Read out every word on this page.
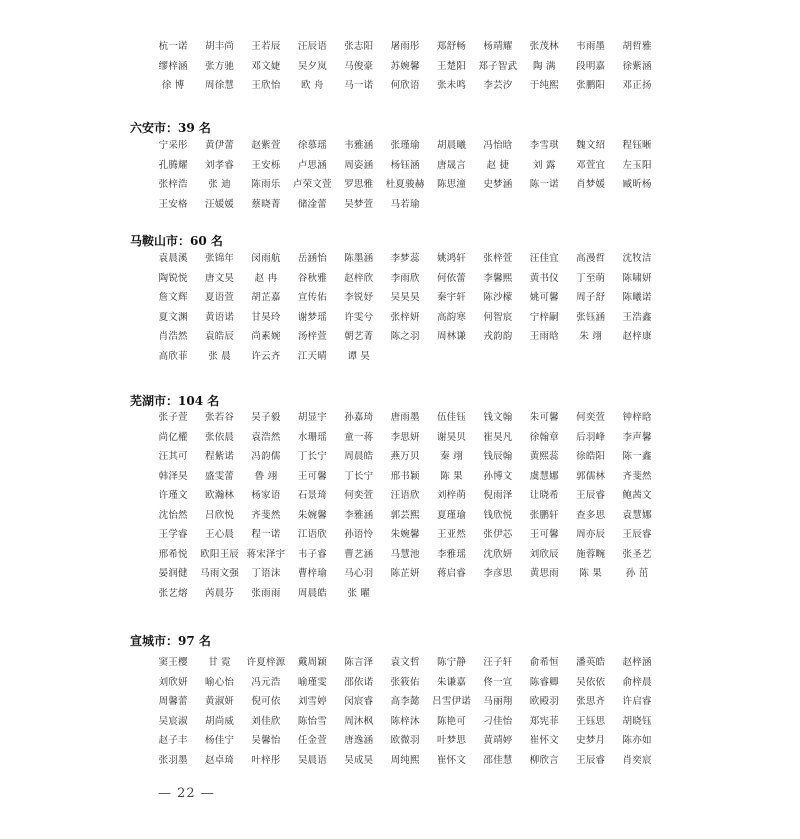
杭一诺	胡丰尚	王若辰	汪辰语	张志阳	屠雨彤	郑舒畅	杨靖耀	张茂林	韦雨墨	胡哲雅
缪梓涵	张方驰	邓文婕	吴夕岚	马俊豪	苏婉馨	王楚阳	郑子智武	陶 满	段明嘉	徐紫涵
徐 博	周徐慧	王欣怡	欧 舟	马一诺	何欣语	张未鸣	李芸汐	于纯熙	张鹏阳	邓正扬
六安市：39 名
宁采彤	黄伊蕾	赵紫萱	徐慕瑶	韦雅涵	张瑾瑜	胡晨曦	冯怡晗	李雪琪	魏文绍	程钰晰
孔腾耀	刘孝睿	王安栎	卢思涵	周姿涵	杨钰涵	唐晟言	赵 捷	刘 露	邓萱宜	左玉阳
张梓浩	张 迪	陈雨乐	卢荣文萱	罗思雅	杜夏骏赫	陈思潼	史梦涵	陈一诺	肖梦媛	臧昕杨
王安格	汪媛媛	蔡晓菁	储淦蕾	吴梦萱	马若瑜
马鞍山市：60 名
袁晨溪	张锦年	闵雨航	岳涵怡	陈墨涵	李梦蕊	姚鸿轩	张梓萱	汪佳宜	高漫哲	沈牧洁
陶锐悦	唐文昊	赵 冉	谷秋雅	赵梓欣	李雨欣	何依蕾	李馨熙	黄书仪	丁至萌	陈啸妍
詹文辉	夏语萱	胡芷嘉	宣传佑	李锐妤	吴昊昊	秦宇轩	陈沙檬	姚可馨	周子舒	陈曦诺
夏文渊	黄语诺	甘昊玲	谢梦瑶	许雯兮	张梓妍	高韵寒	何智宸	宁梓嗣	张钰涵	王浩鑫
肖浩然	袁皓辰	尚素婉	汤梓萱	朝艺菁	陈之羽	周林谦	戎韵韵	王雨晗	朱 翊	赵梓康
高欣菲	张 晨	许云齐	江天晴	谭 昊
芜湖市：104 名
张子萱	张若谷	吴子毅	胡显宇	孙嘉琦	唐雨墨	伍佳钰	钱文翰	朱可馨	何奕萱	钟梓晗
尚亿權	张依晨	袁浩然	水珊瑶	童一蒋	李思妍	谢昊贝	崔昊凡	徐翰章	后羽峰	李声馨
汪其可	程紫诺	冯韵儒	丁长宁	周晨皓	燕万贝	秦 翊	钱辰翰	黄熙蕊	徐皓阳	陈一鑫
韩泽昊	盛雯蕾	鲁 翊	王可馨	丁长宁	邢书颖	陈 果	孙博文	虞慧娜	郭儒林	齐斐然
许瑾文	欧瀚林	杨家语	石景琦	何奕萱	汪语欣	刘梓萌	倪雨泽	让晓希	王辰睿	鲍茜文
沈怡然	吕欣悦	齐斐然	朱婉馨	李雅涵	郭芸熙	夏瑾瑜	钱欣悦	张鹏轩	查多思	袁慧娜
王学睿	王心晨	程一诺	江语欣	孙语怜	朱婉馨	王亚然	张伊芯	王可馨	周亦辰	王辰睿
邢希悦	欧阳王辰 蒋宋泽宇	韦子睿	曹艺涵	马慧池	李雅瑶	沈欣妍	刘欣辰	施蓉畹	张圣艺
晏润健	马雨文强	丁语沫	曹梓瑜	马心羽	陈芷妍	蒋启睿	李彦思	黄思雨	陈 果	孙 茁
张艺熔	芮晨芬	张雨雨	周晨皓	张 曜
宣城市：97 名
窦王樱	甘 霓	许夏梓源	戴周颖	陈言泽	袁文哲	陈宁静	汪子轩	俞希恒	潘英皓	赵梓涵
刘欣妍	喻心怡	冯元浩	喻瑾雯	邵依诺	张筱佑	朱谦嘉	佟一宣	陈睿卿	吴依依	俞梓晨
周馨蕾	黄淑妍	倪可依	刘雪婷	闵宸睿	高李懿	吕雪伊诺	马丽翔	欧殿羽	张思齐	许启睿
吴宸淑	胡尚威	刘佳欣	陈怡雪	周沐枫	陈梓沐	陈艳可	刁佳怡	郑宪菲	王钰思	胡晓钰
赵子丰	杨佳宁	吴馨怡	任金萱	唐逸涵	欧微羽	叶梦思	黄靖婷	崔怀文	史梦月	陈亦如
张羽墨	赵卓琦	叶梓彤	吴晨语	吴成昊	周纯熙	崔怀文	邵佳慧	柳欣言	王辰睿	肖奕宸
— 22 —
